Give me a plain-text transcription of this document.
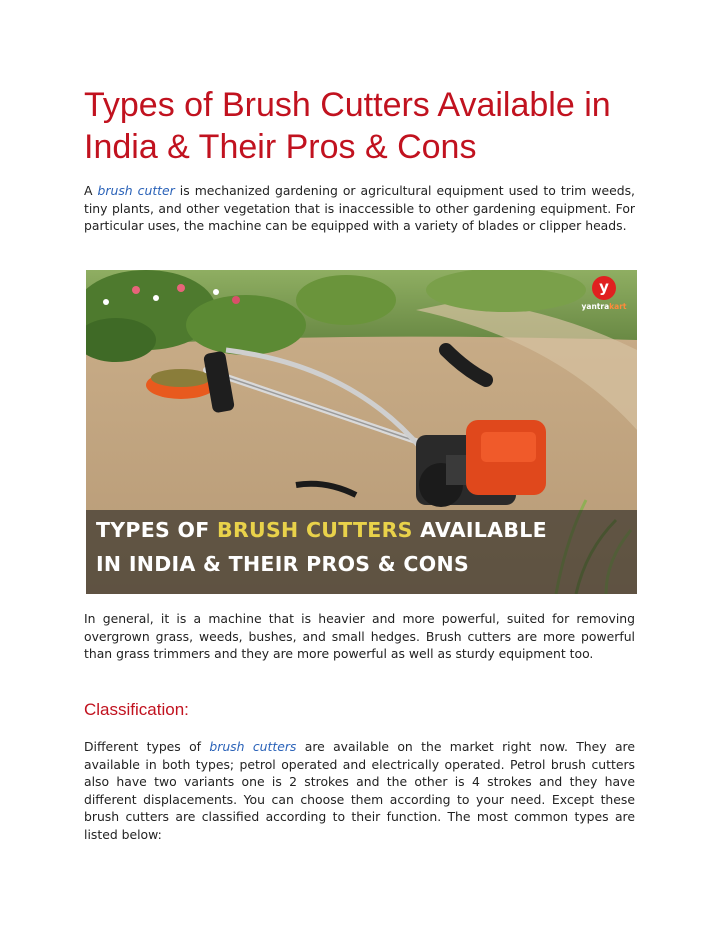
Types of Brush Cutters Available in India & Their Pros & Cons

A brush cutter is mechanized gardening or agricultural equipment used to trim weeds, tiny plants, and other vegetation that is inaccessible to other gardening equipment. For particular uses, the machine can be equipped with a variety of blades or clipper heads.

y
yantrakart
TYPES OF BRUSH CUTTERS AVAILABLE
IN INDIA & THEIR PROS & CONS

In general, it is a machine that is heavier and more powerful, suited for removing overgrown grass, weeds, bushes, and small hedges. Brush cutters are more powerful than grass trimmers and they are more powerful as well as sturdy equipment too.

Classification:

Different types of brush cutters are available on the market right now. They are available in both types; petrol operated and electrically operated. Petrol brush cutters also have two variants one is 2 strokes and the other is 4 strokes and they have different displacements. You can choose them according to your need. Except these brush cutters are classified according to their function. The most common types are listed below:
